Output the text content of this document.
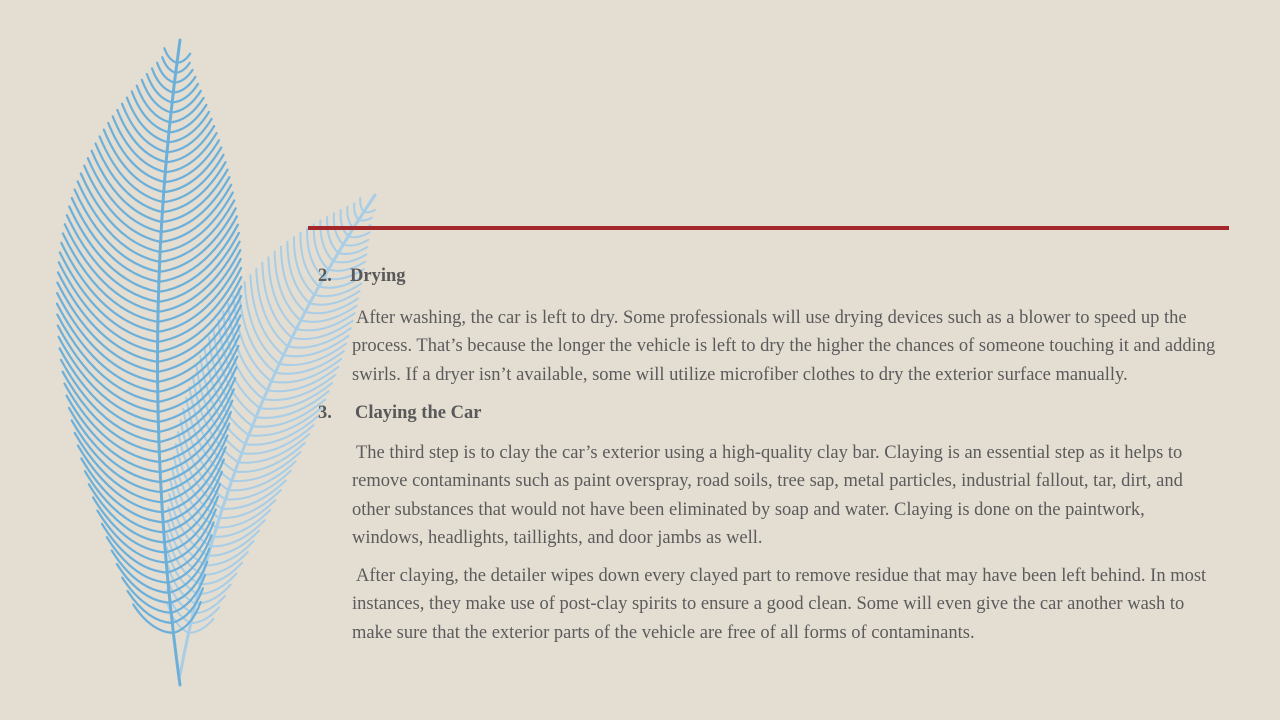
2. Drying

After washing, the car is left to dry. Some professionals will use drying devices such as a blower to speed up the process. That’s because the longer the vehicle is left to dry the higher the chances of someone touching it and adding swirls. If a dryer isn’t available, some will utilize microfiber clothes to dry the exterior surface manually.

3. Claying the Car

The third step is to clay the car’s exterior using a high-quality clay bar. Claying is an essential step as it helps to remove contaminants such as paint overspray, road soils, tree sap, metal particles, industrial fallout, tar, dirt, and other substances that would not have been eliminated by soap and water. Claying is done on the paintwork, windows, headlights, taillights, and door jambs as well.

After claying, the detailer wipes down every clayed part to remove residue that may have been left behind. In most instances, they make use of post-clay spirits to ensure a good clean. Some will even give the car another wash to make sure that the exterior parts of the vehicle are free of all forms of contaminants.
